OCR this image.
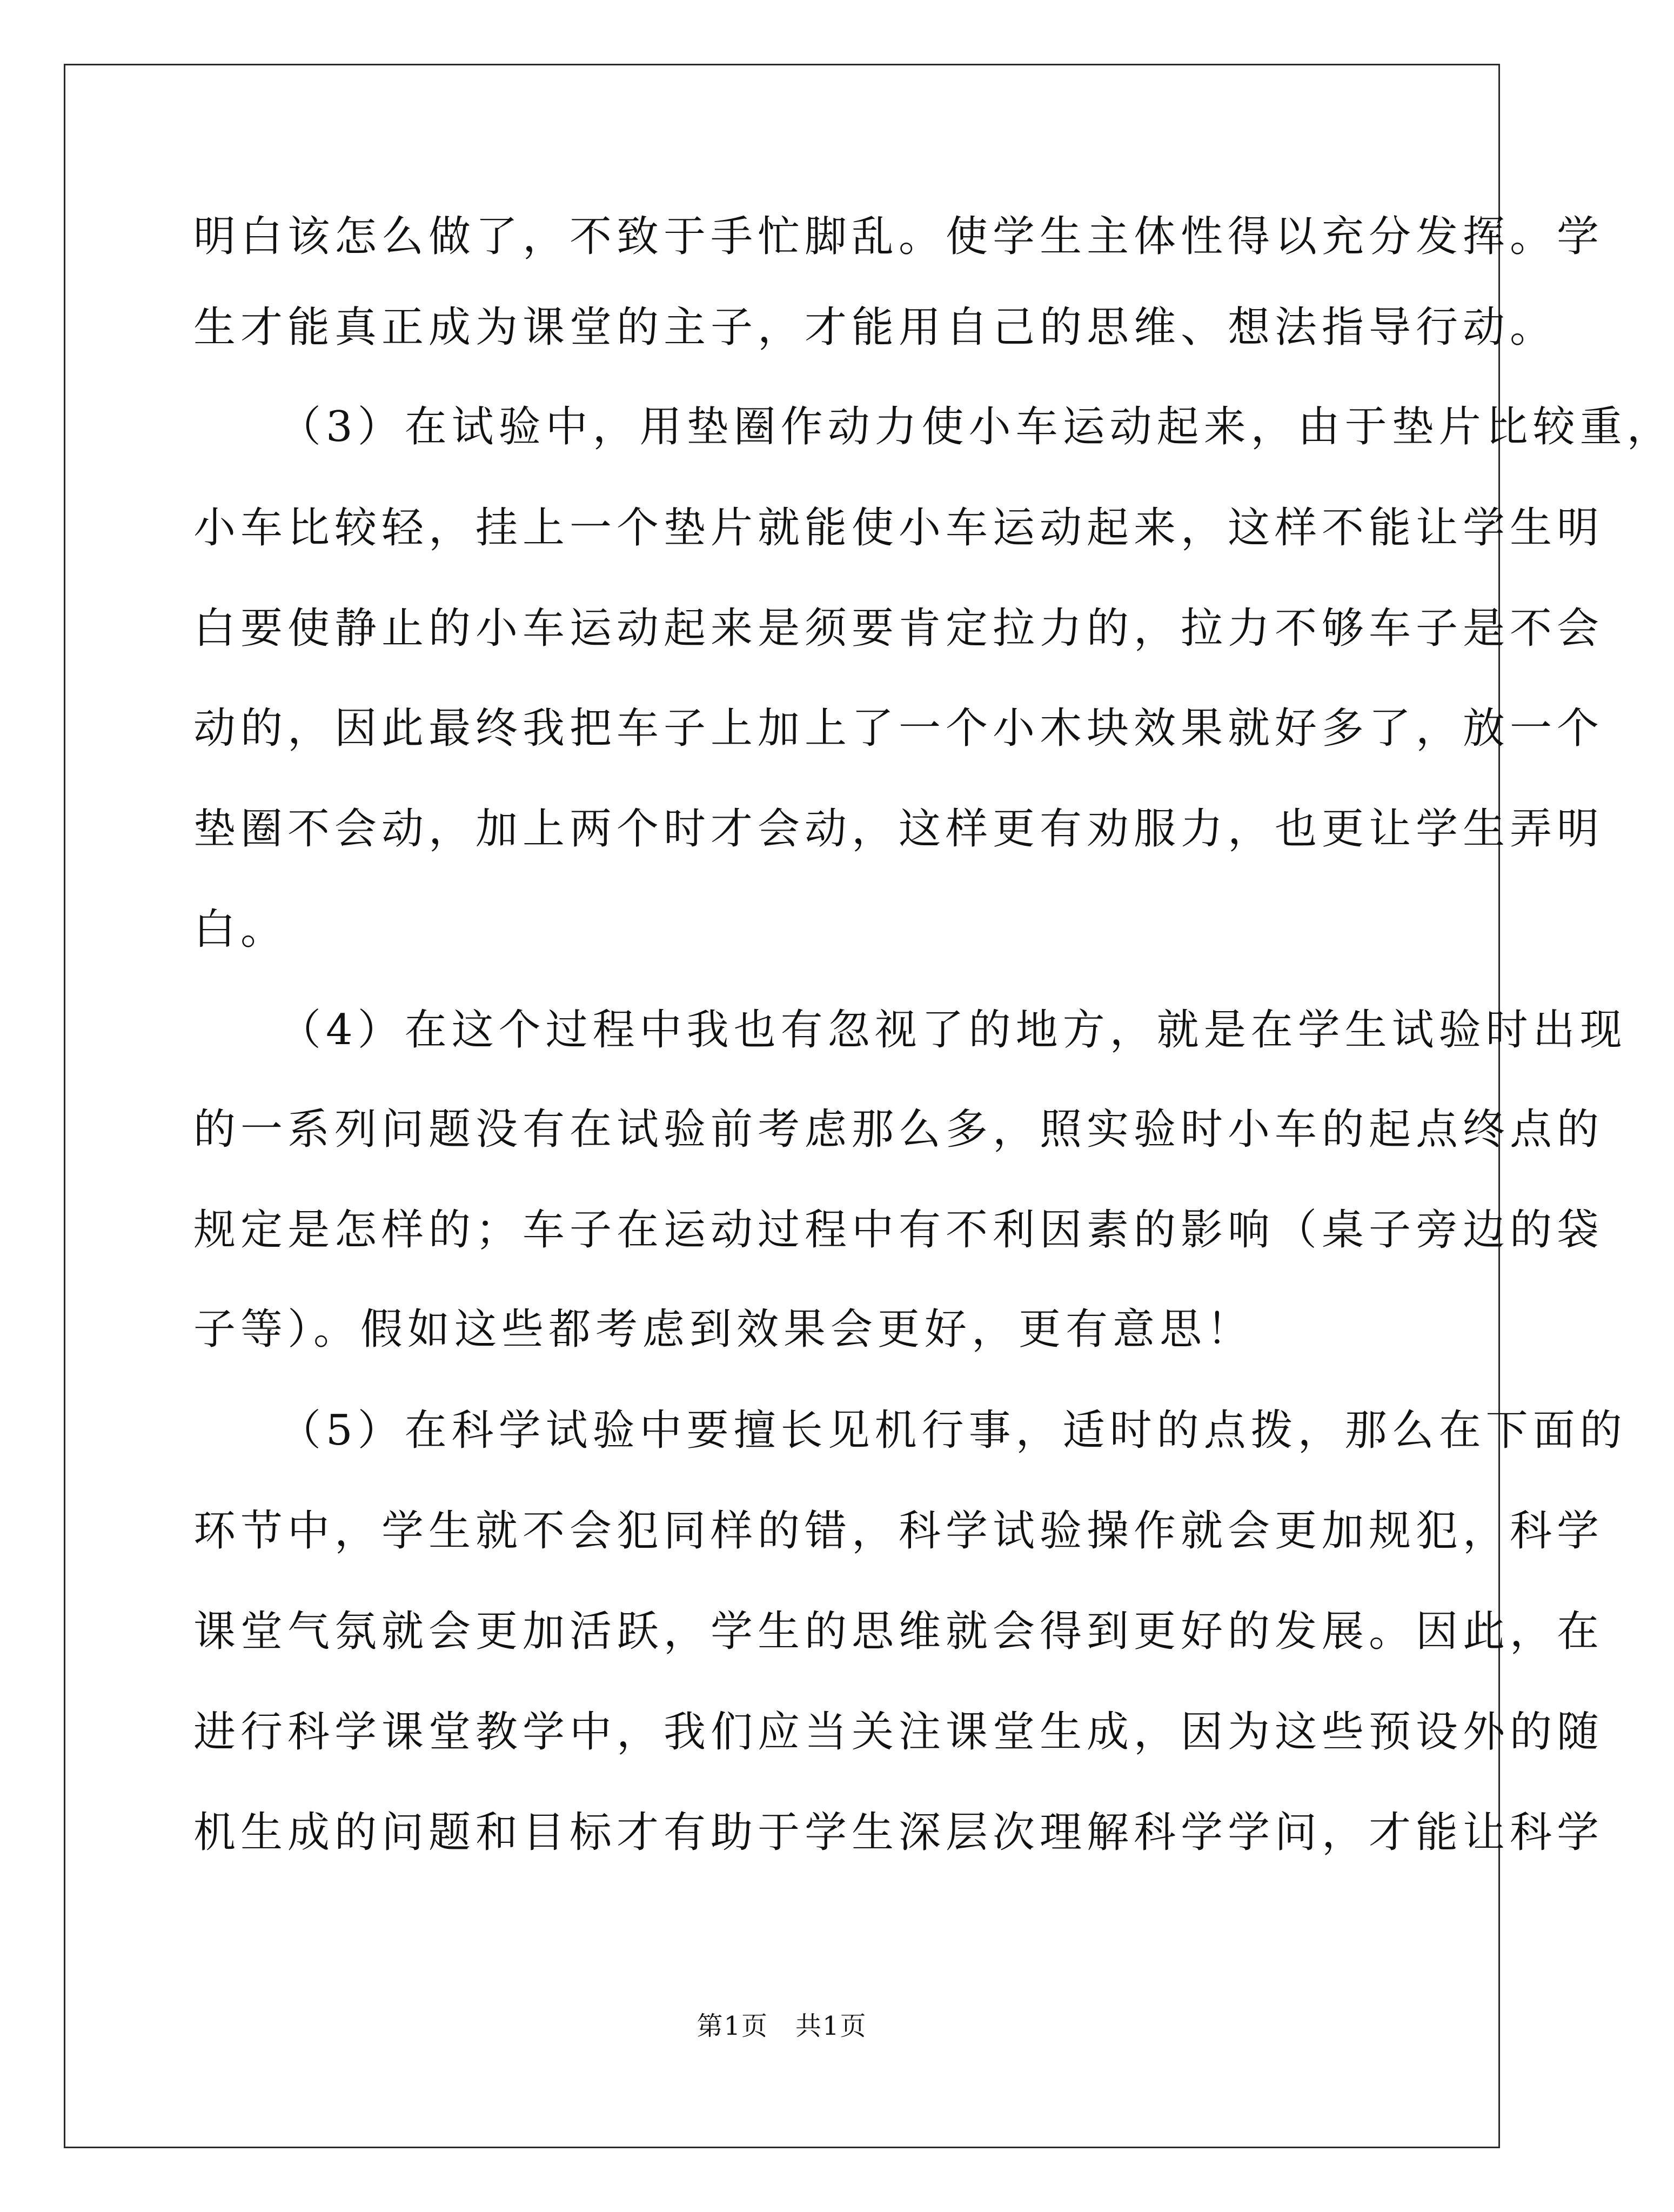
明白该怎么做了，不致于手忙脚乱。使学生主体性得以充分发挥。学
生才能真正成为课堂的主子，才能用自己的思维、想法指导行动。
（3）在试验中，用垫圈作动力使小车运动起来，由于垫片比较重，
小车比较轻，挂上一个垫片就能使小车运动起来，这样不能让学生明
白要使静止的小车运动起来是须要肯定拉力的，拉力不够车子是不会
动的，因此最终我把车子上加上了一个小木块效果就好多了，放一个
垫圈不会动，加上两个时才会动，这样更有劝服力，也更让学生弄明
白。
（4）在这个过程中我也有忽视了的地方，就是在学生试验时出现
的一系列问题没有在试验前考虑那么多，照实验时小车的起点终点的
规定是怎样的；车子在运动过程中有不利因素的影响（桌子旁边的袋
子等）。假如这些都考虑到效果会更好，更有意思！
（5）在科学试验中要擅长见机行事，适时的点拨，那么在下面的
环节中，学生就不会犯同样的错，科学试验操作就会更加规犯，科学
课堂气氛就会更加活跃，学生的思维就会得到更好的发展。因此，在
进行科学课堂教学中，我们应当关注课堂生成，因为这些预设外的随
机生成的问题和目标才有助于学生深层次理解科学学问，才能让科学
第1页　共1页
